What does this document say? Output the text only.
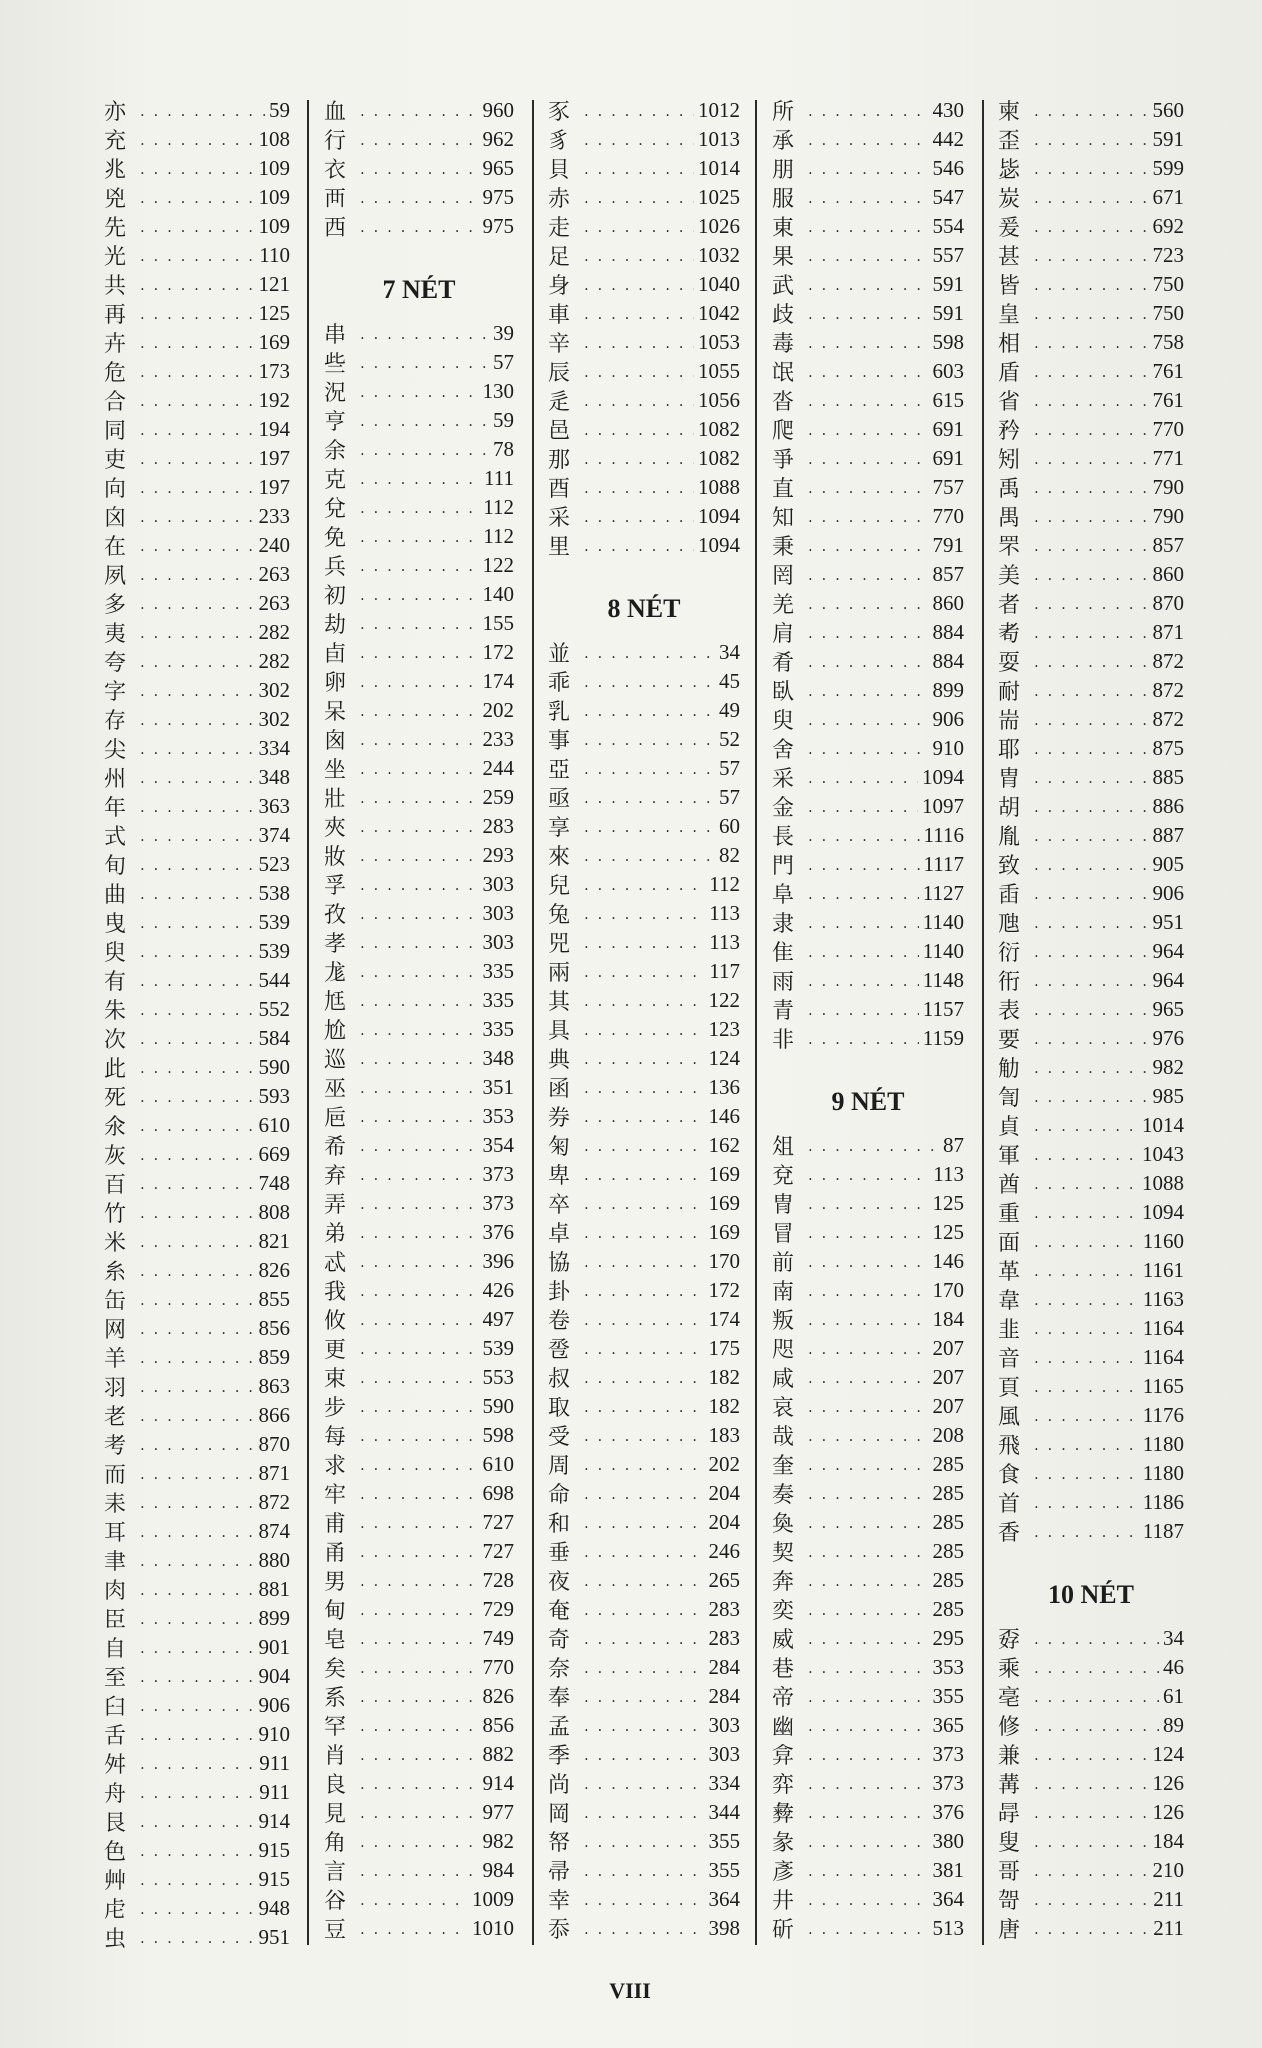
亦 . . .	59
充 . . .	108
兆 . . .	109
兇 . . .	109
先 . . .	109
光 . . .	110
共 . . .	121
再 . . .	125
卉 . . .	169
危 . . .	173
合 . . .	192
同 . . .	194
吏 . . .	197
向 . . .	197
囟 . . .	233
在 . . .	240
夙 . . .	263
多 . . .	263
夷 . . .	282
夸 . . .	282
字 . . .	302
存 . . .	302
尖 . . .	334
州 . . .	348
年 . . .	363
式 . . .	374
旬 . . .	523
曲 . . .	538
曳 . . .	539
臾 . . .	539
有 . . .	544
朱 . . .	552
次 . . .	584
此 . . .	590
死 . . .	593
氽 . . .	610
灰 . . .	669
百 . . .	748
竹 . . .	808
米 . . .	821
糸 . . .	826
缶 . . .	855
网 . . .	856
羊 . . .	859
羽 . . .	863
老 . . .	866
考 . . .	870
而 . . .	871
耒 . . .	872
耳 . . .	874
聿 . . .	880
肉 . . .	881
臣 . . .	899
自 . . .	901
至 . . .	904
臼 . . .	906
舌 . . .	910
舛 . . .	911
舟 . . .	911
艮 . . .	914
色 . . .	915
艸 . . .	915
虍 . . .	948
虫 . . .	951
血 . . .	960
行 . . .	962
衣 . . .	965
襾 . . .	975
西 . . .	975
7 NÉT
串 . . .	39
些 . . .	57
況 . . .	130
亨 . . .	59
余 . . .	78
克 . . .	111
兌 . . .	112
免 . . .	112
兵 . . .	122
初 . . .	140
劫 . . .	155
卣 . . .	172
卵 . . .	174
呆 . . .	202
囪 . . .	233
坐 . . .	244
壯 . . .	259
夾 . . .	283
妝 . . .	293
孚 . . .	303
孜 . . .	303
孝 . . .	303
尨 . . .	335
尪 . . .	335
尬 . . .	335
巡 . . .	348
巫 . . .	351
巵 . . .	353
希 . . .	354
弃 . . .	373
弄 . . .	373
弟 . . .	376
忒 . . .	396
我 . . .	426
攸 . . .	497
更 . . .	539
束 . . .	553
步 . . .	590
每 . . .	598
求 . . .	610
牢 . . .	698
甫 . . .	727
甬 . . .	727
男 . . .	728
甸 . . .	729
皂 . . .	749
矣 . . .	770
系 . . .	826
罕 . . .	856
肖 . . .	882
良 . . .	914
見 . . .	977
角 . . .	982
言 . . .	984
谷 . . .	1009
豆 . . .	1010
豕 . . .	1012
豸 . . .	1013
貝 . . .	1014
赤 . . .	1025
走 . . .	1026
足 . . .	1032
身 . . .	1040
車 . . .	1042
辛 . . .	1053
辰 . . .	1055
辵 . . .	1056
邑 . . .	1082
那 . . .	1082
酉 . . .	1088
采 . . .	1094
里 . . .	1094
8 NÉT
並 . . .	34
乖 . . .	45
乳 . . .	49
事 . . .	52
亞 . . .	57
亟 . . .	57
享 . . .	60
來 . . .	82
兒 . . .	112
兔 . . .	113
兕 . . .	113
兩 . . .	117
其 . . .	122
具 . . .	123
典 . . .	124
函 . . .	136
券 . . .	146
匊 . . .	162
卑 . . .	169
卒 . . .	169
卓 . . .	169
協 . . .	170
卦 . . .	172
卷 . . .	174
卺 . . .	175
叔 . . .	182
取 . . .	182
受 . . .	183
周 . . .	202
命 . . .	204
和 . . .	204
垂 . . .	246
夜 . . .	265
奄 . . .	283
奇 . . .	283
奈 . . .	284
奉 . . .	284
孟 . . .	303
季 . . .	303
尚 . . .	334
岡 . . .	344
帑 . . .	355
帚 . . .	355
幸 . . .	364
忝 . . .	398
所 . . .	430
承 . . .	442
朋 . . .	546
服 . . .	547
東 . . .	554
果 . . .	557
武 . . .	591
歧 . . .	591
毒 . . .	598
氓 . . .	603
沓 . . .	615
爬 . . .	691
爭 . . .	691
直 . . .	757
知 . . .	770
秉 . . .	791
罔 . . .	857
羌 . . .	860
肩 . . .	884
肴 . . .	884
臥 . . .	899
臾 . . .	906
舍 . . .	910
采 . . .	1094
金 . . .	1097
長 . . .	1116
門 . . .	1117
阜 . . .	1127
隶 . . .	1140
隹 . . .	1140
雨 . . .	1148
青 . . .	1157
非 . . .	1159
9 NÉT
俎 . . .	87
兗 . . .	113
冑 . . .	125
冒 . . .	125
前 . . .	146
南 . . .	170
叛 . . .	184
咫 . . .	207
咸 . . .	207
哀 . . .	207
哉 . . .	208
奎 . . .	285
奏 . . .	285
奐 . . .	285
契 . . .	285
奔 . . .	285
奕 . . .	285
威 . . .	295
巷 . . .	353
帝 . . .	355
幽 . . .	365
弇 . . .	373
弈 . . .	373
彜 . . .	376
彖 . . .	380
彥 . . .	381
井 . . .	364
斫 . . .	513
柬 . . .	560
歪 . . .	591
毖 . . .	599
炭 . . .	671
爰 . . .	692
甚 . . .	723
皆 . . .	750
皇 . . .	750
相 . . .	758
盾 . . .	761
省 . . .	761
矜 . . .	770
矧 . . .	771
禹 . . .	790
禺 . . .	790
罘 . . .	857
美 . . .	860
者 . . .	870
耇 . . .	871
耍 . . .	872
耐 . . .	872
耑 . . .	872
耶 . . .	875
胄 . . .	885
胡 . . .	886
胤 . . .	887
致 . . .	905
臿 . . .	906
虺 . . .	951
衍 . . .	964
衎 . . .	964
表 . . .	965
要 . . .	976
觔 . . .	982
訇 . . .	985
貞 . . .	1014
軍 . . .	1043
酋 . . .	1088
重 . . .	1094
面 . . .	1160
革 . . .	1161
韋 . . .	1163
韭 . . .	1164
音 . . .	1164
頁 . . .	1165
風 . . .	1176
飛 . . .	1180
食 . . .	1180
首 . . .	1186
香 . . .	1187
10 NÉT
孬 . . .	34
乘 . . .	46
亳 . . .	61
修 . . .	89
兼 . . .	124
冓 . . .	126
冔 . . .	126
叟 . . .	184
哥 . . .	210
哿 . . .	211
唐 . . .	211
VIII
